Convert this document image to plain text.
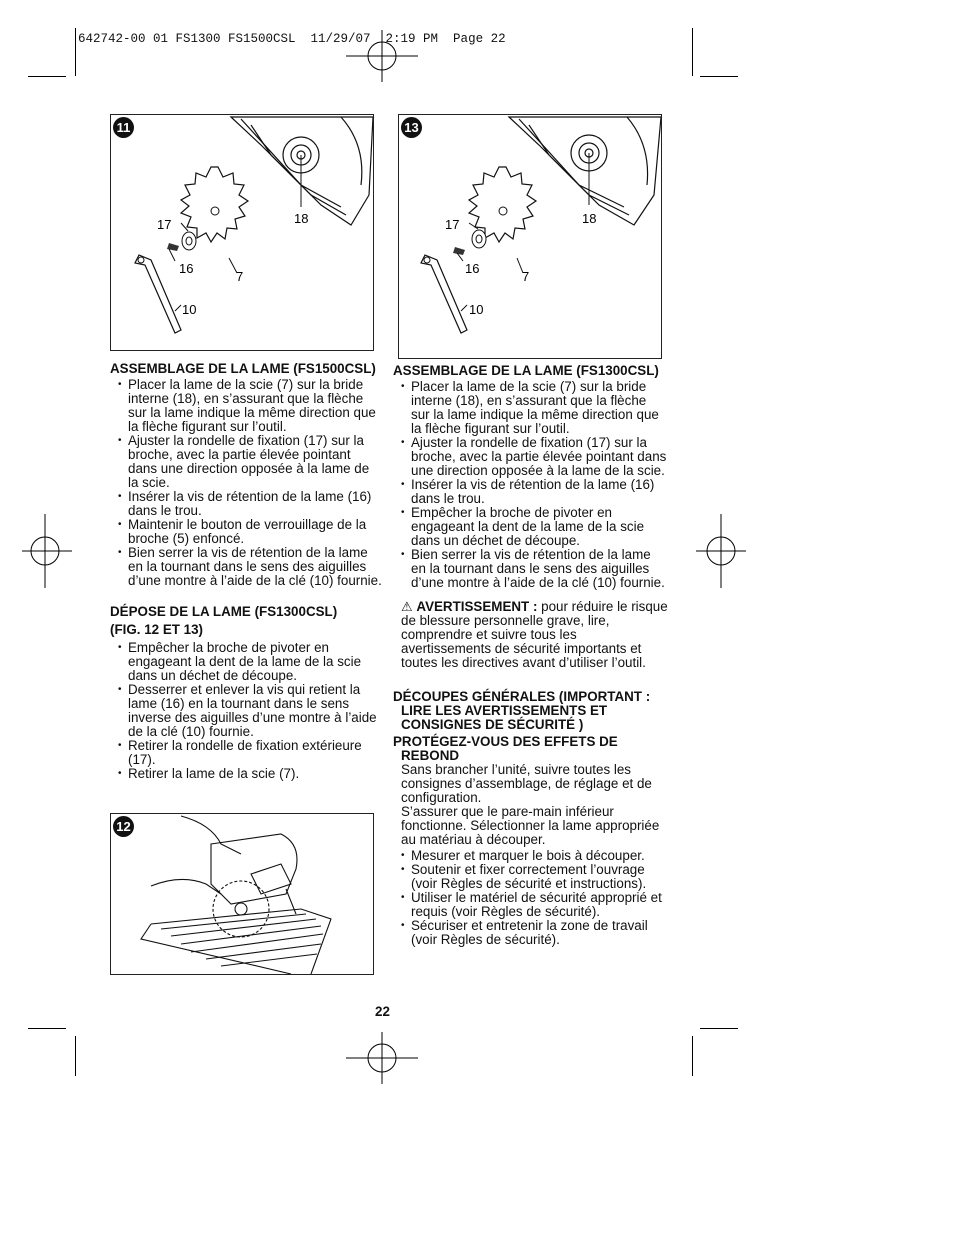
642742-00 01 FS1300 FS1500CSL  11/29/07  2:19 PM  Page 22
11
17	18
16
7
10
13
17	18
16
7
10
12

ASSEMBLAGE DE LA LAME (FS1500CSL)

• Placer la lame de la scie (7) sur la bride interne (18), en s’assurant que la flèche sur la lame indique la même direction que la flèche figurant sur l’outil.
• Ajuster la rondelle de fixation (17) sur la broche, avec la partie élevée pointant dans une direction opposée à la lame de la scie.
• Insérer la vis de rétention de la lame (16) dans le trou.
• Maintenir le bouton de verrouillage de la broche (5) enfoncé.
• Bien serrer la vis de rétention de la lame en la tournant dans le sens des aiguilles d’une montre à l’aide de la clé (10) fournie.

DÉPOSE DE LA LAME (FS1300CSL)

(FIG. 12 ET 13)

• Empêcher la broche de pivoter en engageant la dent de la lame de la scie dans un déchet de découpe.
• Desserrer et enlever la vis qui retient la lame (16) en la tournant dans le sens inverse des aiguilles d’une montre à l’aide de la clé (10) fournie.
• Retirer la rondelle de fixation extérieure (17).
• Retirer la lame de la scie (7).

ASSEMBLAGE DE LA LAME (FS1300CSL)

• Placer la lame de la scie (7) sur la bride interne (18), en s’assurant que la flèche sur la lame indique la même direction que la flèche figurant sur l’outil.
• Ajuster la rondelle de fixation (17) sur la broche, avec la partie élevée pointant dans une direction opposée à la lame de la scie.
• Insérer la vis de rétention de la lame (16) dans le trou.
• Empêcher la broche de pivoter en engageant la dent de la lame de la scie dans un déchet de découpe.
• Bien serrer la vis de rétention de la lame en la tournant dans le sens des aiguilles d’une montre à l’aide de la clé (10) fournie.

⚠ AVERTISSEMENT : pour réduire le risque de blessure personnelle grave, lire, comprendre et suivre tous les avertissements de sécurité importants et toutes les directives avant d’utiliser l’outil.

DÉCOUPES GÉNÉRALES (IMPORTANT : LIRE LES AVERTISSEMENTS ET CONSIGNES DE SÉCURITÉ )

PROTÉGEZ-VOUS DES EFFETS DE REBOND

Sans brancher l’unité, suivre toutes les consignes d’assemblage, de réglage et de configuration.

S’assurer que le pare-main inférieur fonctionne. Sélectionner la lame appropriée au matériau à découper.

• Mesurer et marquer le bois à découper.
• Soutenir et fixer correctement l’ouvrage (voir Règles de sécurité et instructions).
• Utiliser le matériel de sécurité approprié et requis (voir Règles de sécurité).
• Sécuriser et entretenir la zone de travail (voir Règles de sécurité).
22
